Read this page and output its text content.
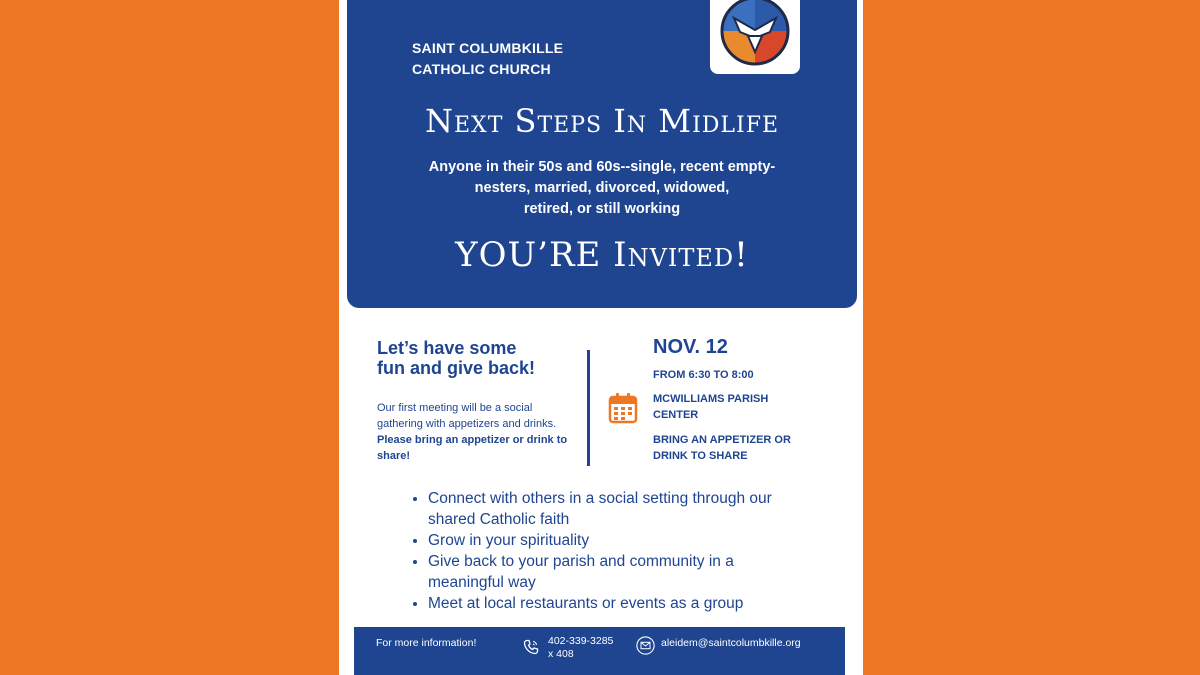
SAINT COLUMBKILLE
CATHOLIC CHURCH
Next Steps In Midlife
Anyone in their 50s and 60s--single, recent empty-
nesters, married, divorced, widowed,
retired, or still working
YOU’RE Invited!
Let’s have some
fun and give back!
Our first meeting will be a social gathering with appetizers and drinks. Please bring an appetizer or drink to share!
NOV. 12
FROM 6:30 TO 8:00
MCWILLIAMS PARISH
CENTER
BRING AN APPETIZER OR
DRINK TO SHARE
• Connect with others in a social setting through our shared Catholic faith
• Grow in your spirituality
• Give back to your parish and community in a meaningful way
• Meet at local restaurants or events as a group
For more information!	402-339-3285
x 408
aleidem@saintcolumbkille.org
